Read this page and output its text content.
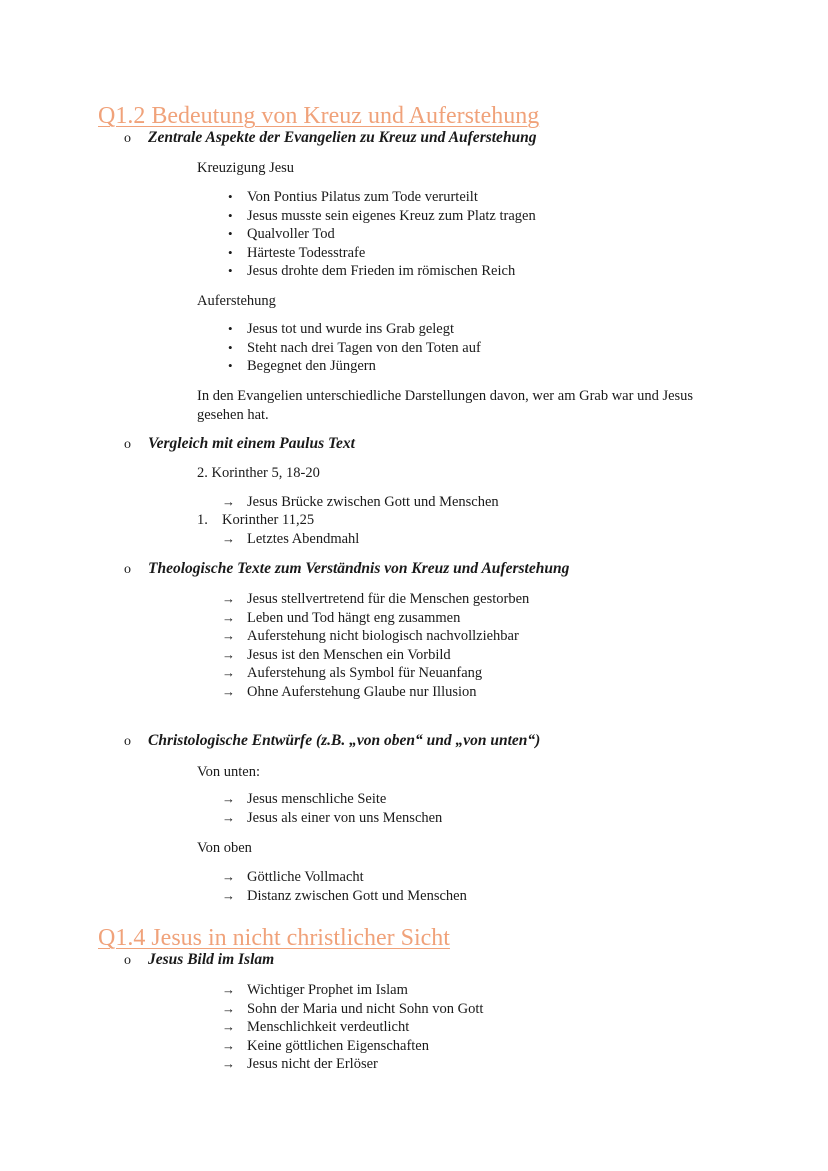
Q1.2 Bedeutung von Kreuz und Auferstehung
o Zentrale Aspekte der Evangelien zu Kreuz und Auferstehung
Kreuzigung Jesu
• Von Pontius Pilatus zum Tode verurteilt
• Jesus musste sein eigenes Kreuz zum Platz tragen
• Qualvoller Tod
• Härteste Todesstrafe
• Jesus drohte dem Frieden im römischen Reich
Auferstehung
• Jesus tot und wurde ins Grab gelegt
• Steht nach drei Tagen von den Toten auf
• Begegnet den Jüngern
In den Evangelien unterschiedliche Darstellungen davon, wer am Grab war und Jesus gesehen hat.
o Vergleich mit einem Paulus Text
2. Korinther 5, 18-20
→ Jesus Brücke zwischen Gott und Menschen
1. Korinther 11,25
→ Letztes Abendmahl
o Theologische Texte zum Verständnis von Kreuz und Auferstehung
→ Jesus stellvertretend für die Menschen gestorben
→ Leben und Tod hängt eng zusammen
→ Auferstehung nicht biologisch nachvollziehbar
→ Jesus ist den Menschen ein Vorbild
→ Auferstehung als Symbol für Neuanfang
→ Ohne Auferstehung Glaube nur Illusion
o Christologische Entwürfe (z.B. „von oben“ und „von unten“)
Von unten:
→ Jesus menschliche Seite
→ Jesus als einer von uns Menschen
Von oben
→ Göttliche Vollmacht
→ Distanz zwischen Gott und Menschen
Q1.4 Jesus in nicht christlicher Sicht
o Jesus Bild im Islam
→ Wichtiger Prophet im Islam
→ Sohn der Maria und nicht Sohn von Gott
→ Menschlichkeit verdeutlicht
→ Keine göttlichen Eigenschaften
→ Jesus nicht der Erlöser
